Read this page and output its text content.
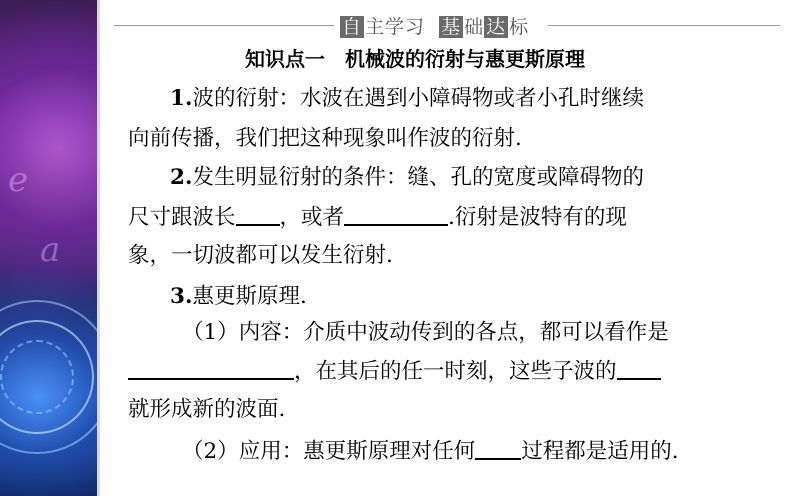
e
a
自 主学习 基 础 达 标
知识点一　机械波的衍射与惠更斯原理
1.波的衍射：水波在遇到小障碍物或者小孔时继续
向前传播，我们把这种现象叫作波的衍射.
2.发生明显衍射的条件：缝、孔的宽度或障碍物的
尺寸跟波长 ，或者	.衍射是波特有的现
象，一切波都可以发生衍射.
3.惠更斯原理.
（1）内容：介质中波动传到的各点，都可以看作是
，在其后的任一时刻，这些子波的
就形成新的波面.
（2）应用：惠更斯原理对任何 过程都是适用的.
